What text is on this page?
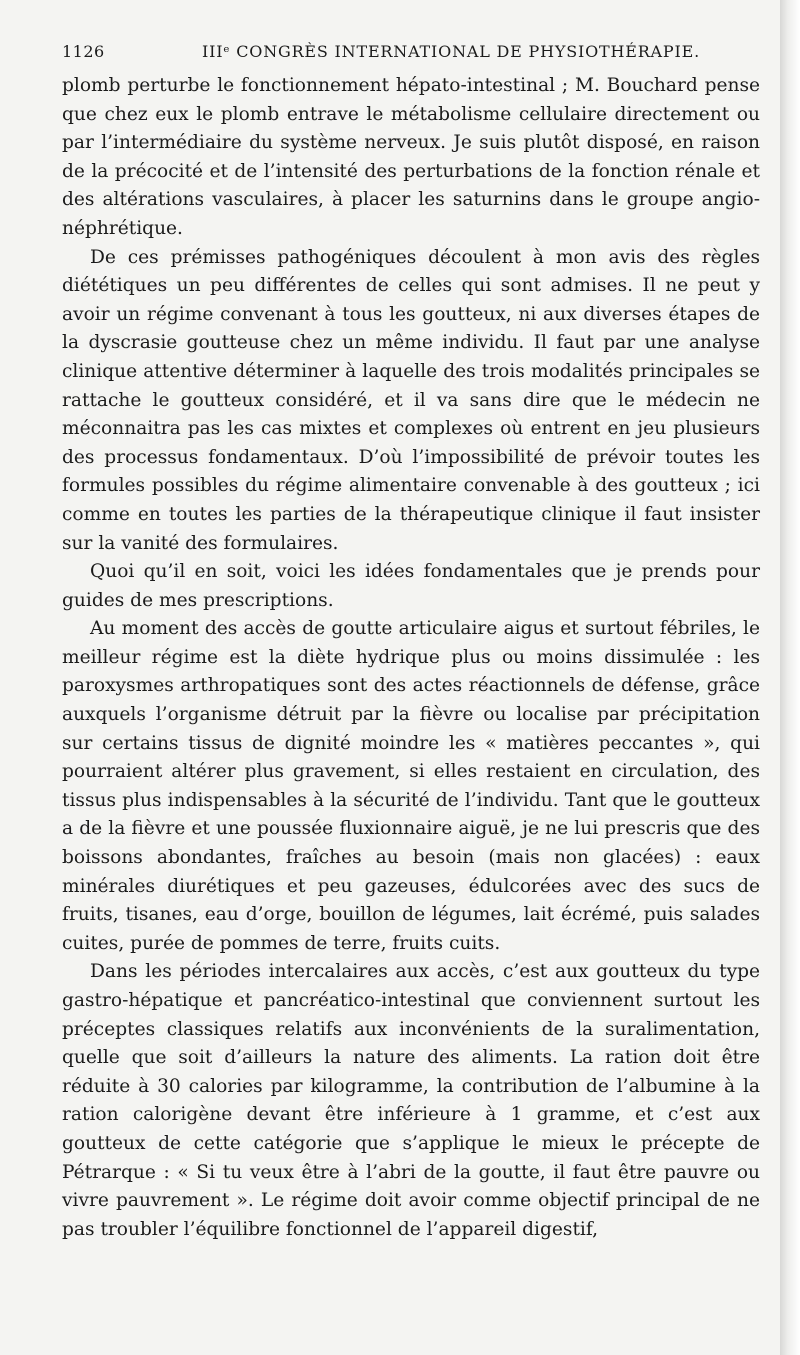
1126	IIIᵉ CONGRÈS INTERNATIONAL DE PHYSIOTHÉRAPIE.

plomb perturbe le fonctionnement hépato-intestinal ; M. Bouchard pense que chez eux le plomb entrave le métabolisme cellulaire directement ou par l’intermédiaire du système nerveux. Je suis plutôt disposé, en raison de la précocité et de l’intensité des perturbations de la fonction rénale et des altérations vasculaires, à placer les saturnins dans le groupe angio-néphrétique.

De ces prémisses pathogéniques découlent à mon avis des règles diététiques un peu différentes de celles qui sont admises. Il ne peut y avoir un régime convenant à tous les goutteux, ni aux diverses étapes de la dyscrasie goutteuse chez un même individu. Il faut par une analyse clinique attentive déterminer à laquelle des trois modalités principales se rattache le goutteux considéré, et il va sans dire que le médecin ne méconnaitra pas les cas mixtes et complexes où entrent en jeu plusieurs des processus fondamentaux. D’où l’impossibilité de prévoir toutes les formules possibles du régime alimentaire convenable à des goutteux ; ici comme en toutes les parties de la thérapeutique clinique il faut insister sur la vanité des formulaires.

Quoi qu’il en soit, voici les idées fondamentales que je prends pour guides de mes prescriptions.

Au moment des accès de goutte articulaire aigus et surtout fébriles, le meilleur régime est la diète hydrique plus ou moins dissimulée : les paroxysmes arthropatiques sont des actes réactionnels de défense, grâce auxquels l’organisme détruit par la fièvre ou localise par précipitation sur certains tissus de dignité moindre les « matières peccantes », qui pourraient altérer plus gravement, si elles restaient en circulation, des tissus plus indispensables à la sécurité de l’individu. Tant que le goutteux a de la fièvre et une poussée fluxionnaire aiguë, je ne lui prescris que des boissons abondantes, fraîches au besoin (mais non glacées) : eaux minérales diurétiques et peu gazeuses, édulcorées avec des sucs de fruits, tisanes, eau d’orge, bouillon de légumes, lait écrémé, puis salades cuites, purée de pommes de terre, fruits cuits.

Dans les périodes intercalaires aux accès, c’est aux goutteux du type gastro-hépatique et pancréatico-intestinal que conviennent surtout les préceptes classiques relatifs aux inconvénients de la suralimentation, quelle que soit d’ailleurs la nature des aliments. La ration doit être réduite à 30 calories par kilogramme, la contribution de l’albumine à la ration calorigène devant être inférieure à 1 gramme, et c’est aux goutteux de cette catégorie que s’applique le mieux le précepte de Pétrarque : « Si tu veux être à l’abri de la goutte, il faut être pauvre ou vivre pauvrement ». Le régime doit avoir comme objectif principal de ne pas troubler l’équilibre fonctionnel de l’appareil digestif,
